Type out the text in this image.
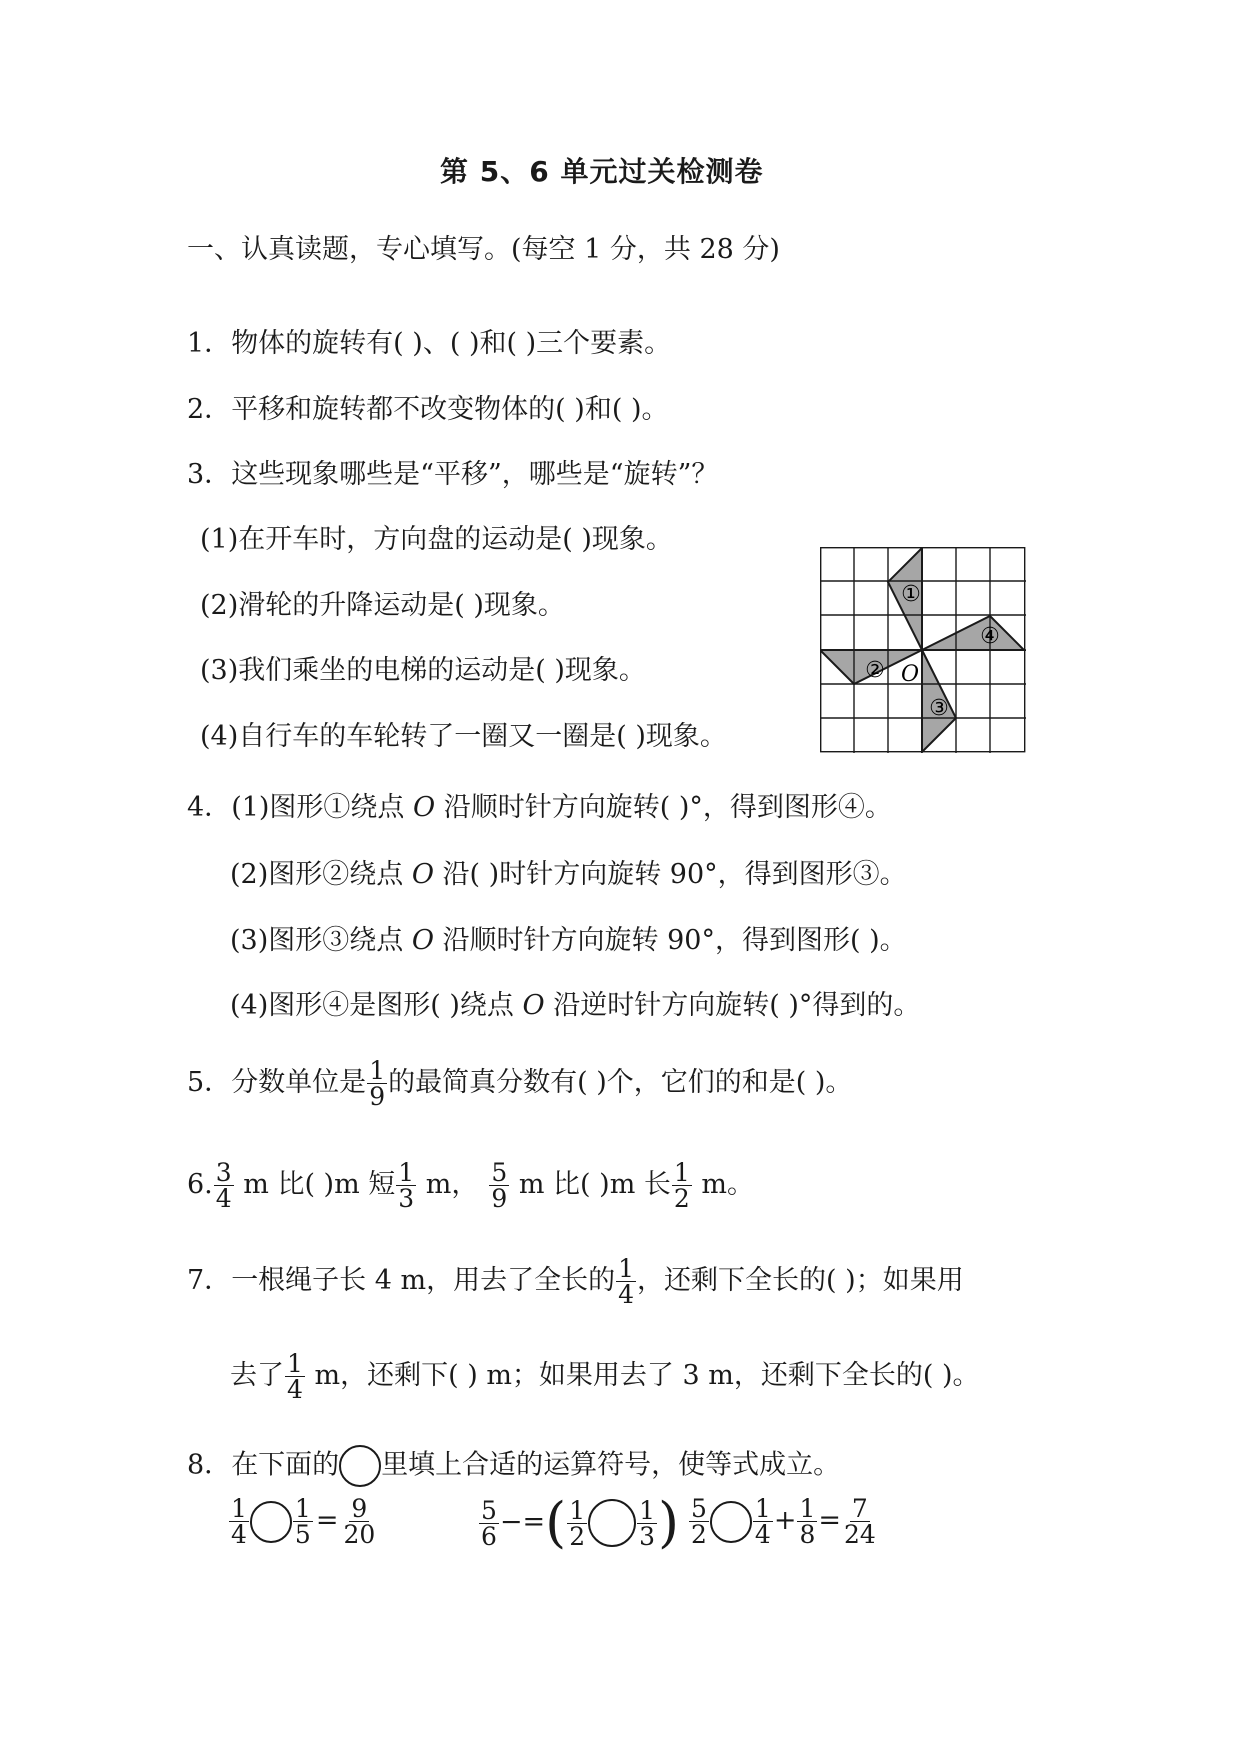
第 5、6 单元过关检测卷
一、认真读题，专心填写。(每空 1 分，共 28 分)
1．物体的旋转有( )、( )和( )三个要素。
2．平移和旋转都不改变物体的( )和( )。
3．这些现象哪些是“平移”，哪些是“旋转”？
(1)在开车时，方向盘的运动是( )现象。
(2)滑轮的升降运动是( )现象。
(3)我们乘坐的电梯的运动是( )现象。
(4)自行车的车轮转了一圈又一圈是( )现象。
①
②
③
④
O
4．(1)图形①绕点 O 沿顺时针方向旋转( )°，得到图形④。
(2)图形②绕点 O 沿( )时针方向旋转 90°，得到图形③。
(3)图形③绕点 O 沿顺时针方向旋转 90°，得到图形( )。
(4)图形④是图形( )绕点 O 沿逆时针方向旋转( )°得到的。
5．分数单位是 $\frac{1}{9}$ 的最简真分数有( )个，它们的和是( )。
6. $\frac{3}{4}$ m 比( )m 短 $\frac{1}{3}$ m， $\frac{5}{9}$ m 比( )m 长 $\frac{1}{2}$ m。
7．一根绳子长 4 m，用去了全长的 $\frac{1}{4}$ ，还剩下全长的( )；如果用
去了 $\frac{1}{4}$ m，还剩下( ) m；如果用去了 3 m，还剩下全长的( )。
8．在下面的 里填上合适的运算符号，使等式成立。
$\frac{1}{4} \frac{1}{5} = \frac{9}{20}$	$\frac{5}{6}$ −=( $\frac{1}{2} \frac{1}{3}$ ) $\frac{5}{2} \frac{1}{4} + \frac{1}{8} = \frac{7}{24}$
